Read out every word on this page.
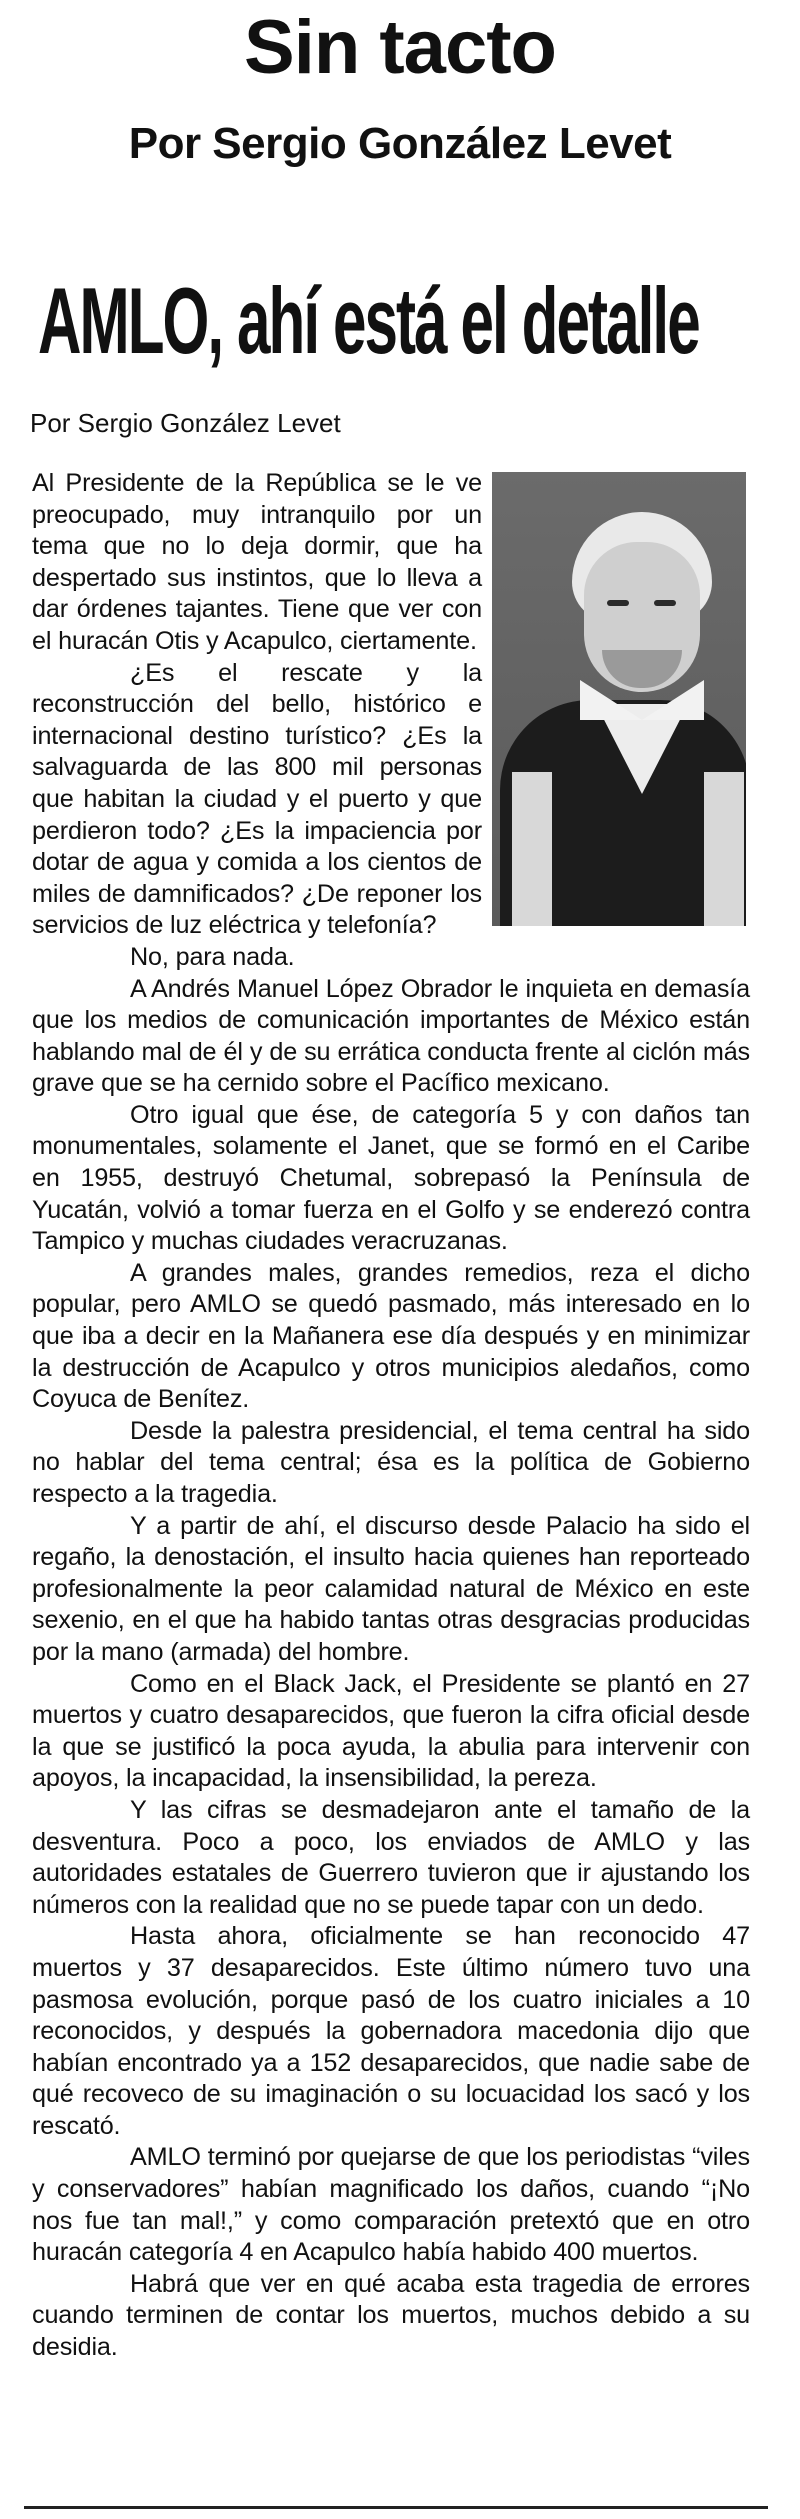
Sin tacto
Por Sergio González Levet
AMLO, ahí está el detalle
Por Sergio González Levet

Al Presidente de la República se le ve preocupado, muy intranquilo por un tema que no lo deja dormir, que ha despertado sus instintos, que lo lleva a dar órdenes tajantes. Tiene que ver con el huracán Otis y Acapulco, ciertamente.

¿Es el rescate y la reconstrucción del bello, histórico e internacional destino turístico? ¿Es la salvaguarda de las 800 mil personas que habitan la ciudad y el puerto y que perdieron todo? ¿Es la impaciencia por dotar de agua y comida a los cientos de miles de damnificados? ¿De reponer los servicios de luz eléctrica y telefonía?

No, para nada.

A Andrés Manuel López Obrador le inquieta en demasía que los medios de comunicación importantes de México están hablando mal de él y de su errática conducta frente al ciclón más grave que se ha cernido sobre el Pacífico mexicano.

Otro igual que ése, de categoría 5 y con daños tan monumentales, solamente el Janet, que se formó en el Caribe en 1955, destruyó Chetumal, sobrepasó la Península de Yucatán, volvió a tomar fuerza en el Golfo y se enderezó contra Tampico y muchas ciudades veracruzanas.

A grandes males, grandes remedios, reza el dicho popular, pero AMLO se quedó pasmado, más interesado en lo que iba a decir en la Mañanera ese día después y en minimizar la destrucción de Acapulco y otros municipios aledaños, como Coyuca de Benítez.

Desde la palestra presidencial, el tema central ha sido no hablar del tema central; ésa es la política de Gobierno respecto a la tragedia.

Y a partir de ahí, el discurso desde Palacio ha sido el regaño, la denostación, el insulto hacia quienes han reporteado profesionalmente la peor calamidad natural de México en este sexenio, en el que ha habido tantas otras desgracias producidas por la mano (armada) del hombre.

Como en el Black Jack, el Presidente se plantó en 27 muertos y cuatro desaparecidos, que fueron la cifra oficial desde la que se justificó la poca ayuda, la abulia para intervenir con apoyos, la incapacidad, la insensibilidad, la pereza.

Y las cifras se desmadejaron ante el tamaño de la desventura. Poco a poco, los enviados de AMLO y las autoridades estatales de Guerrero tuvieron que ir ajustando los números con la realidad que no se puede tapar con un dedo.

Hasta ahora, oficialmente se han reconocido 47 muertos y 37 desaparecidos. Este último número tuvo una pasmosa evolución, porque pasó de los cuatro iniciales a 10 reconocidos, y después la gobernadora macedonia dijo que habían encontrado ya a 152 desaparecidos, que nadie sabe de qué recoveco de su imaginación o su locuacidad los sacó y los rescató.

AMLO terminó por quejarse de que los periodistas “viles y conservadores” habían magnificado los daños, cuando “¡No nos fue tan mal!,” y como comparación pretextó que en otro huracán categoría 4 en Acapulco había habido 400 muertos.

Habrá que ver en qué acaba esta tragedia de errores cuando terminen de contar los muertos, muchos debido a su desidia.
